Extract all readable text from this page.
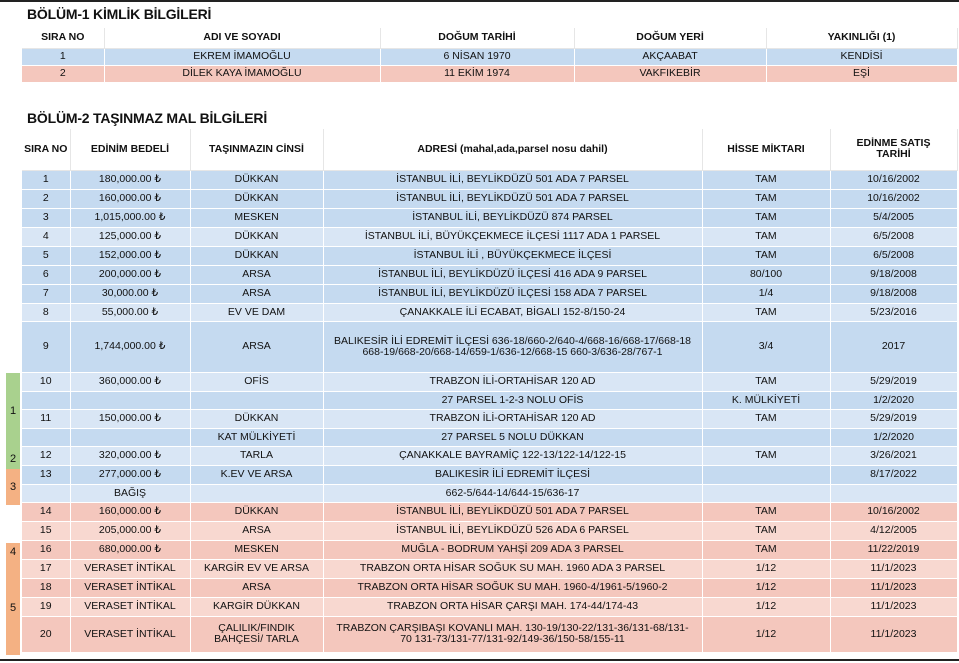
BÖLÜM-1 KİMLİK BİLGİLERİ
SIRA NO	ADI VE SOYADI	DOĞUM TARİHİ	DOĞUM YERİ	YAKINLIĞI (1)
1	EKREM İMAMOĞLU	6 NİSAN 1970	AKÇAABAT	KENDİSİ
2	DİLEK KAYA İMAMOĞLU	11 EKİM 1974	VAKFIKEBİR	EŞİ
BÖLÜM-2 TAŞINMAZ MAL BİLGİLERİ
SIRA NO	EDİNİM BEDELİ	TAŞINMAZIN CİNSİ	ADRESİ (mahal,ada,parsel nosu dahil)	HİSSE MİKTARI	EDİNME SATIŞ TARİHİ
1	180,000.00 ₺	DÜKKAN	İSTANBUL İLİ, BEYLİKDÜZÜ 501 ADA 7 PARSEL	TAM	10/16/2002
2	160,000.00 ₺	DÜKKAN	İSTANBUL İLİ, BEYLİKDÜZÜ 501 ADA 7 PARSEL	TAM	10/16/2002
3	1,015,000.00 ₺	MESKEN	İSTANBUL İLİ, BEYLİKDÜZÜ 874 PARSEL	TAM	5/4/2005
4	125,000.00 ₺	DÜKKAN	İSTANBUL İLİ, BÜYÜKÇEKMECE İLÇESİ 1117 ADA 1 PARSEL	TAM	6/5/2008
5	152,000.00 ₺	DÜKKAN	İSTANBUL İLİ , BÜYÜKÇEKMECE İLÇESİ	TAM	6/5/2008
6	200,000.00 ₺	ARSA	İSTANBUL İLİ, BEYLİKDÜZÜ İLÇESİ 416 ADA 9 PARSEL	80/100	9/18/2008
7	30,000.00 ₺	ARSA	İSTANBUL İLİ, BEYLİKDÜZÜ İLÇESİ 158 ADA 7 PARSEL	1/4	9/18/2008
8	55,000.00 ₺	EV VE DAM	ÇANAKKALE İLİ ECABAT, BİGALI 152-8/150-24	TAM	5/23/2016
9	1,744,000.00 ₺	ARSA	BALIKESİR İLİ EDREMİT İLÇESİ 636-18/660-2/640-4/668-16/668-17/668-18 668-19/668-20/668-14/659-1/636-12/668-15 660-3/636-28/767-1	3/4	2017
10	360,000.00 ₺	OFİS	TRABZON İLİ-ORTAHİSAR 120 AD	TAM	5/29/2019
			27 PARSEL 1-2-3 NOLU OFİS	K. MÜLKİYETİ	1/2/2020
11	150,000.00 ₺	DÜKKAN	TRABZON İLİ-ORTAHİSAR 120 AD	TAM	5/29/2019
		KAT MÜLKİYETİ	27 PARSEL 5 NOLU DÜKKAN		1/2/2020
12	320,000.00 ₺	TARLA	ÇANAKKALE BAYRAMİÇ 122-13/122-14/122-15	TAM	3/26/2021
13	277,000.00 ₺	K.EV VE ARSA	BALIKESİR İLİ EDREMİT İLÇESİ		8/17/2022
	BAĞIŞ		662-5/644-14/644-15/636-17		
14	160,000.00 ₺	DÜKKAN	İSTANBUL İLİ, BEYLİKDÜZÜ 501 ADA 7 PARSEL	TAM	10/16/2002
15	205,000.00 ₺	ARSA	İSTANBUL İLİ, BEYLİKDÜZÜ 526 ADA 6 PARSEL	TAM	4/12/2005
16	680,000.00 ₺	MESKEN	MUĞLA - BODRUM YAHŞİ 209 ADA 3 PARSEL	TAM	11/22/2019
17	VERASET İNTİKAL	KARGİR EV VE ARSA	TRABZON ORTA HİSAR SOĞUK SU MAH. 1960 ADA 3 PARSEL	1/12	11/1/2023
18	VERASET İNTİKAL	ARSA	TRABZON ORTA HİSAR SOĞUK SU MAH. 1960-4/1961-5/1960-2	1/12	11/1/2023
19	VERASET İNTİKAL	KARGİR DÜKKAN	TRABZON ORTA HİSAR ÇARŞI MAH. 174-44/174-43	1/12	11/1/2023
20	VERASET İNTİKAL	ÇALILIK/FINDIK BAHÇESİ/ TARLA	TRABZON ÇARŞIBAŞI KOVANLI MAH. 130-19/130-22/131-36/131-68/131-70 131-73/131-77/131-92/149-36/150-58/155-11	1/12	11/1/2023
1
2
3
4
5
